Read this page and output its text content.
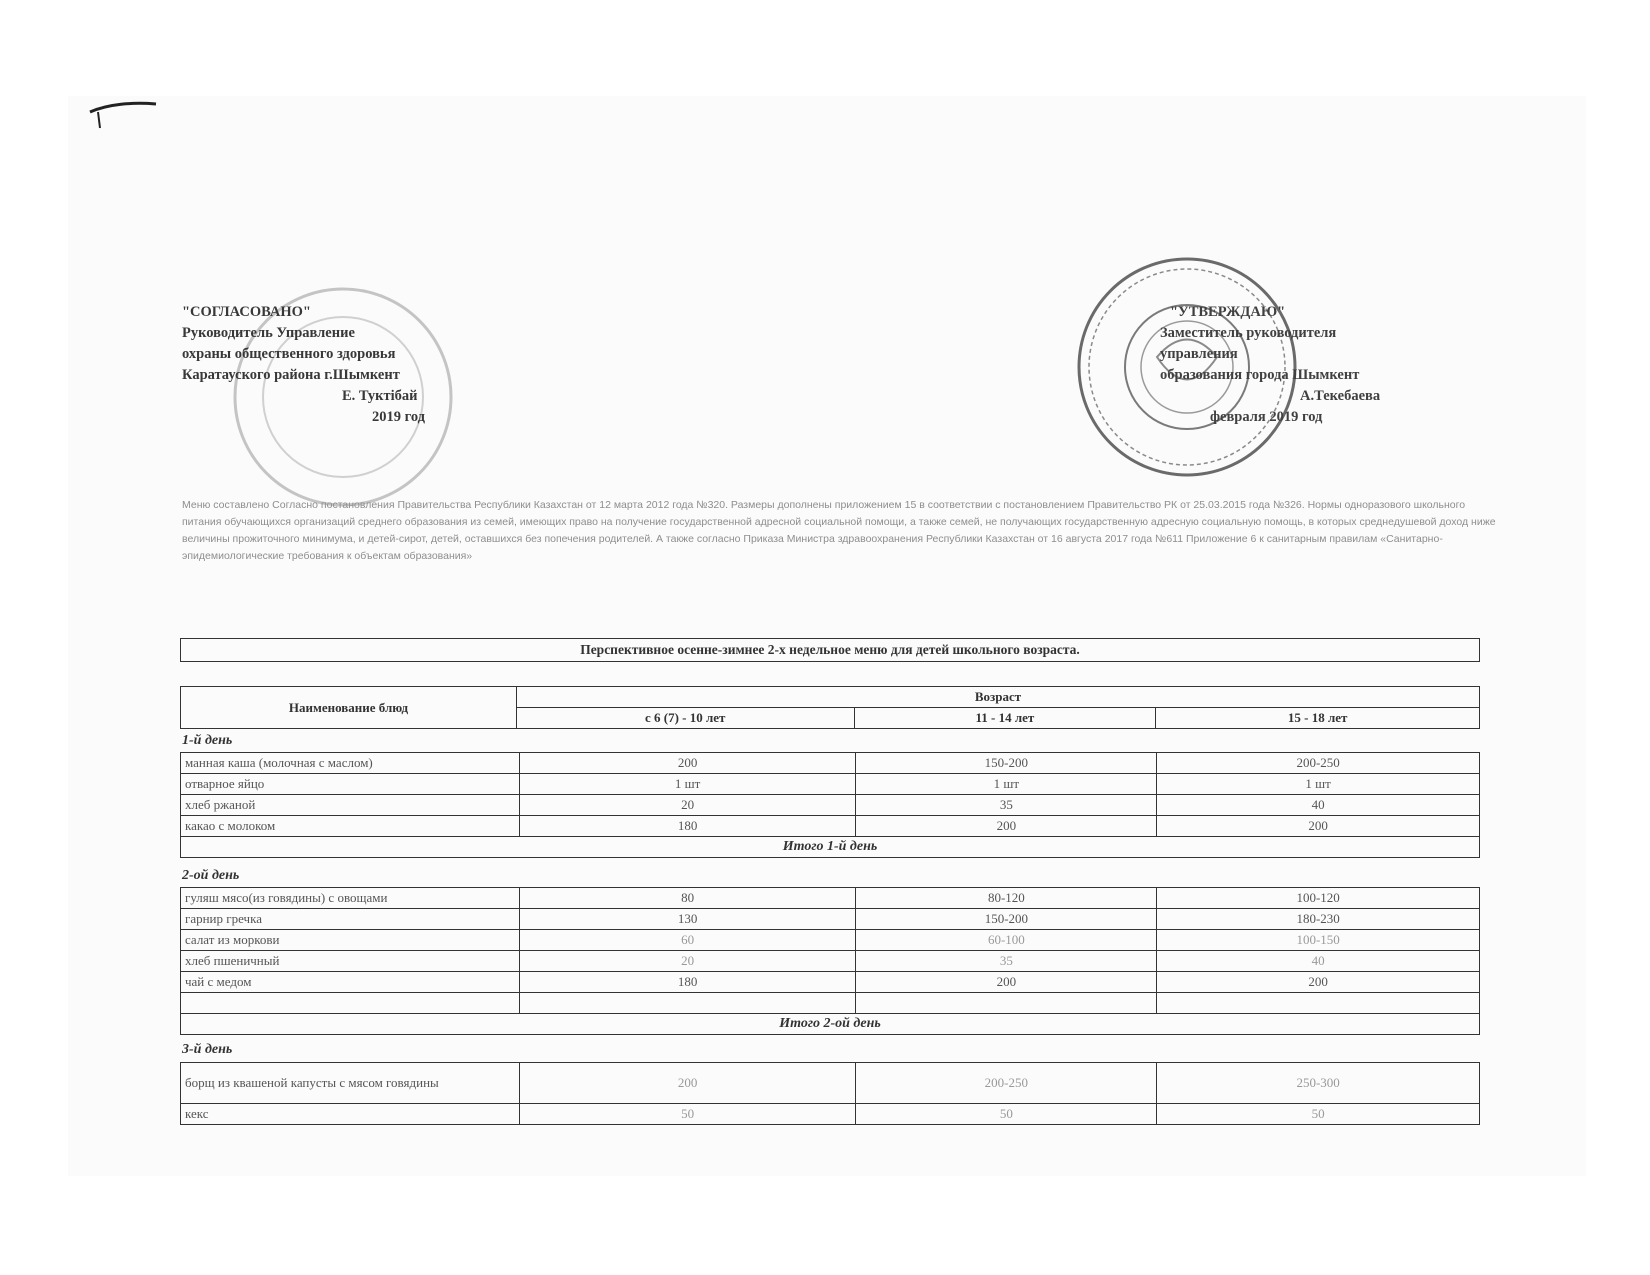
"СОГЛАСОВАНО"
Руководитель Управление
охраны общественного здоровья
Каратауского района г.Шымкент
Е. Туктібай
2019 год
"УТВЕРЖДАЮ"
Заместитель руководителя
управления
образования города Шымкент
А.Текебаева
февраля 2019 год
Меню составлено Согласно постановления Правительства Республики Казахстан от 12 марта 2012 года №320. Размеры дополнены приложением 15 в соответствии с постановлением Правительство РК от 25.03.2015 года №326. Нормы одноразового школьного питания обучающихся организаций среднего образования из семей, имеющих право на получение государственной адресной социальной помощи, а также семей, не получающих государственную адресную социальную помощь, в которых среднедушевой доход ниже величины прожиточного минимума, и детей-сирот, детей, оставшихся без попечения родителей. А также согласно Приказа Министра здравоохранения Республики Казахстан от 16 августа 2017 года №611 Приложение 6 к санитарным правилам «Санитарно-эпидемиологические требования к объектам образования»
Перспективное осенне-зимнее 2-х недельное меню для детей школьного возраста.
Наименование блюд	Возраст		
	с 6 (7) - 10 лет	11 - 14 лет	15 - 18 лет
1-й день
манная каша (молочная с маслом)	200	150-200	200-250
отварное яйцо	1 шт	1 шт	1 шт
хлеб ржаной	20	35	40
какао с молоком	180	200	200
Итого 1-й день			
2-ой день
гуляш мясо(из говядины) с овощами	80	80-120	100-120
гарнир гречка	130	150-200	180-230
салат из моркови	60	60-100	100-150
хлеб пшеничный	20	35	40
чай с медом	180	200	200

Итого 2-ой день			
3-й день
борщ из квашеной капусты с мясом говядины	200	200-250	250-300
кекс	50	50	50
